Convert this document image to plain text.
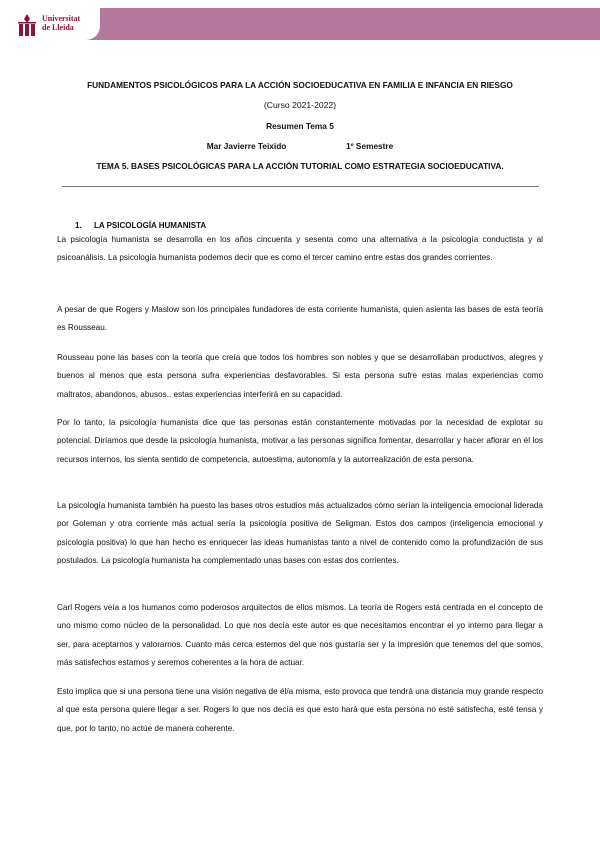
Universitat
de Lleida
FUNDAMENTOS PSICOLÓGICOS PARA LA ACCIÓN SOCIOEDUCATIVA EN FAMILIA E INFANCIA EN RIESGO
(Curso 2021-2022)
Resumen Tema 5
Mar Javierre Teixido	1º Semestre
TEMA 5. BASES PSICOLÓGICAS PARA LA ACCIÓN TUTORIAL COMO ESTRATEGIA SOCIOEDUCATIVA.
1. LA PSICOLOGÍA HUMANISTA

La psicología humanista se desarrolla en los años cincuenta y sesenta como una alternativa a la psicología conductista y al psicoanálisis. La psicología humanista podemos decir que es como el tercer camino entre estas dos grandes corrientes.

A pesar de que Rogers y Maslow son los principales fundadores de esta corriente humanista, quien asienta las bases de esta teoría es Rousseau.

Rousseau pone las bases con la teoría que creía que todos los hombres son nobles y que se desarrollaban productivos, alegres y buenos al menos que esta persona sufra experiencias desfavorables. Si esta persona sufre estas malas experiencias como maltratos, abandonos, abusos.. estas experiencias interferirá en su capacidad.

Por lo tanto, la psicología humanista dice que las personas están constantemente motivadas por la necesidad de explotar su potencial. Diríamos que desde la psicología humanista, motivar a las personas significa fomentar, desarrollar y hacer aflorar en él los recursos internos, los sienta sentido de competencia, autoestima, autonomía y la autorrealización de esta persona.

La psicología humanista también ha puesto las bases otros estudios más actualizados cómo serían la inteligencia emocional liderada por Goleman y otra corriente más actual sería la psicología positiva de Seligman. Estos dos campos (inteligencia emocional y psicología positiva) lo que han hecho es enriquecer las ideas humanistas tanto a nivel de contenido como la profundización de sus postulados. La psicología humanista ha complementado unas bases con estas dos corrientes.

Carl Rogers veía a los humanos como poderosos arquitectos de ellos mismos. La teoría de Rogers está centrada en el concepto de uno mismo como núcleo de la personalidad. Lo que nos decía este autor es que necesitamos encontrar el yo interno para llegar a ser, para aceptarnos y valorarnos. Cuanto más cerca estemos del que nos gustaría ser y la impresión que tenemos del que somos, más satisfechos estamos y seremos coherentes a la hora de actuar.

Esto implica que si una persona tiene una visión negativa de él/a misma, esto provoca que tendrá una distancia muy grande respecto al que esta persona quiere llegar a ser. Rogers lo que nos decía es que esto hará que esta persona no esté satisfecha, esté tensa y que, por lo tanto, no actúe de manera coherente.
